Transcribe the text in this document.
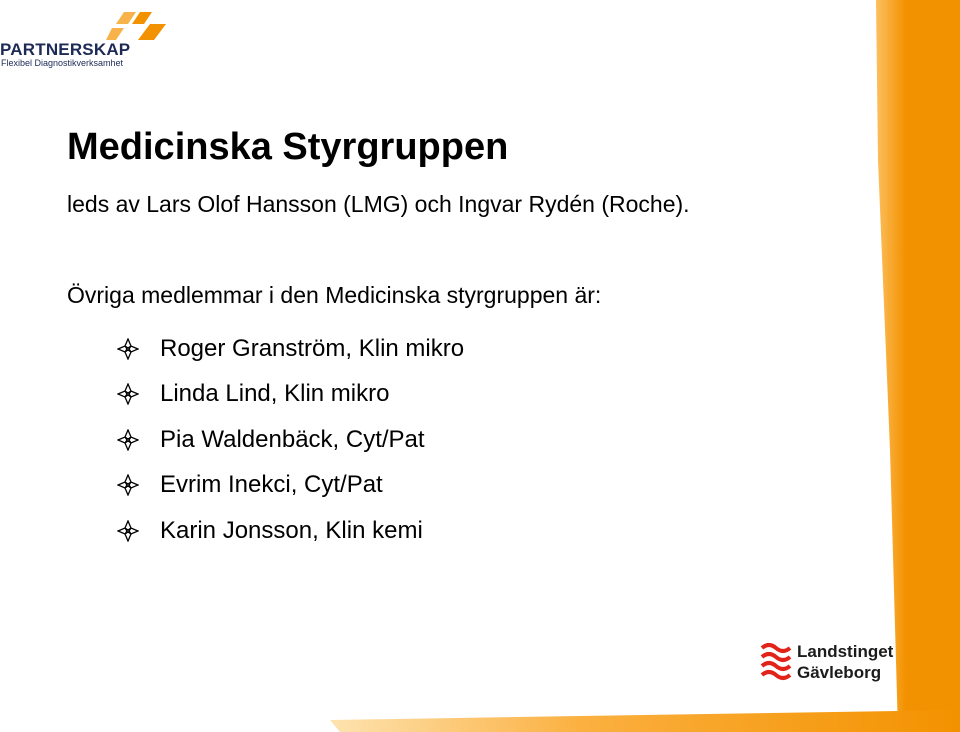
PARTNERSKAP
Flexibel Diagnostikverksamhet
Medicinska Styrgruppen
leds av Lars Olof Hansson (LMG) och Ingvar Rydén (Roche).
Övriga medlemmar i den Medicinska styrgruppen är:
Roger Granström, Klin mikro
Linda Lind, Klin mikro
Pia Waldenbäck, Cyt/Pat
Evrim Inekci, Cyt/Pat
Karin Jonsson, Klin kemi
Landstinget
Gävleborg
